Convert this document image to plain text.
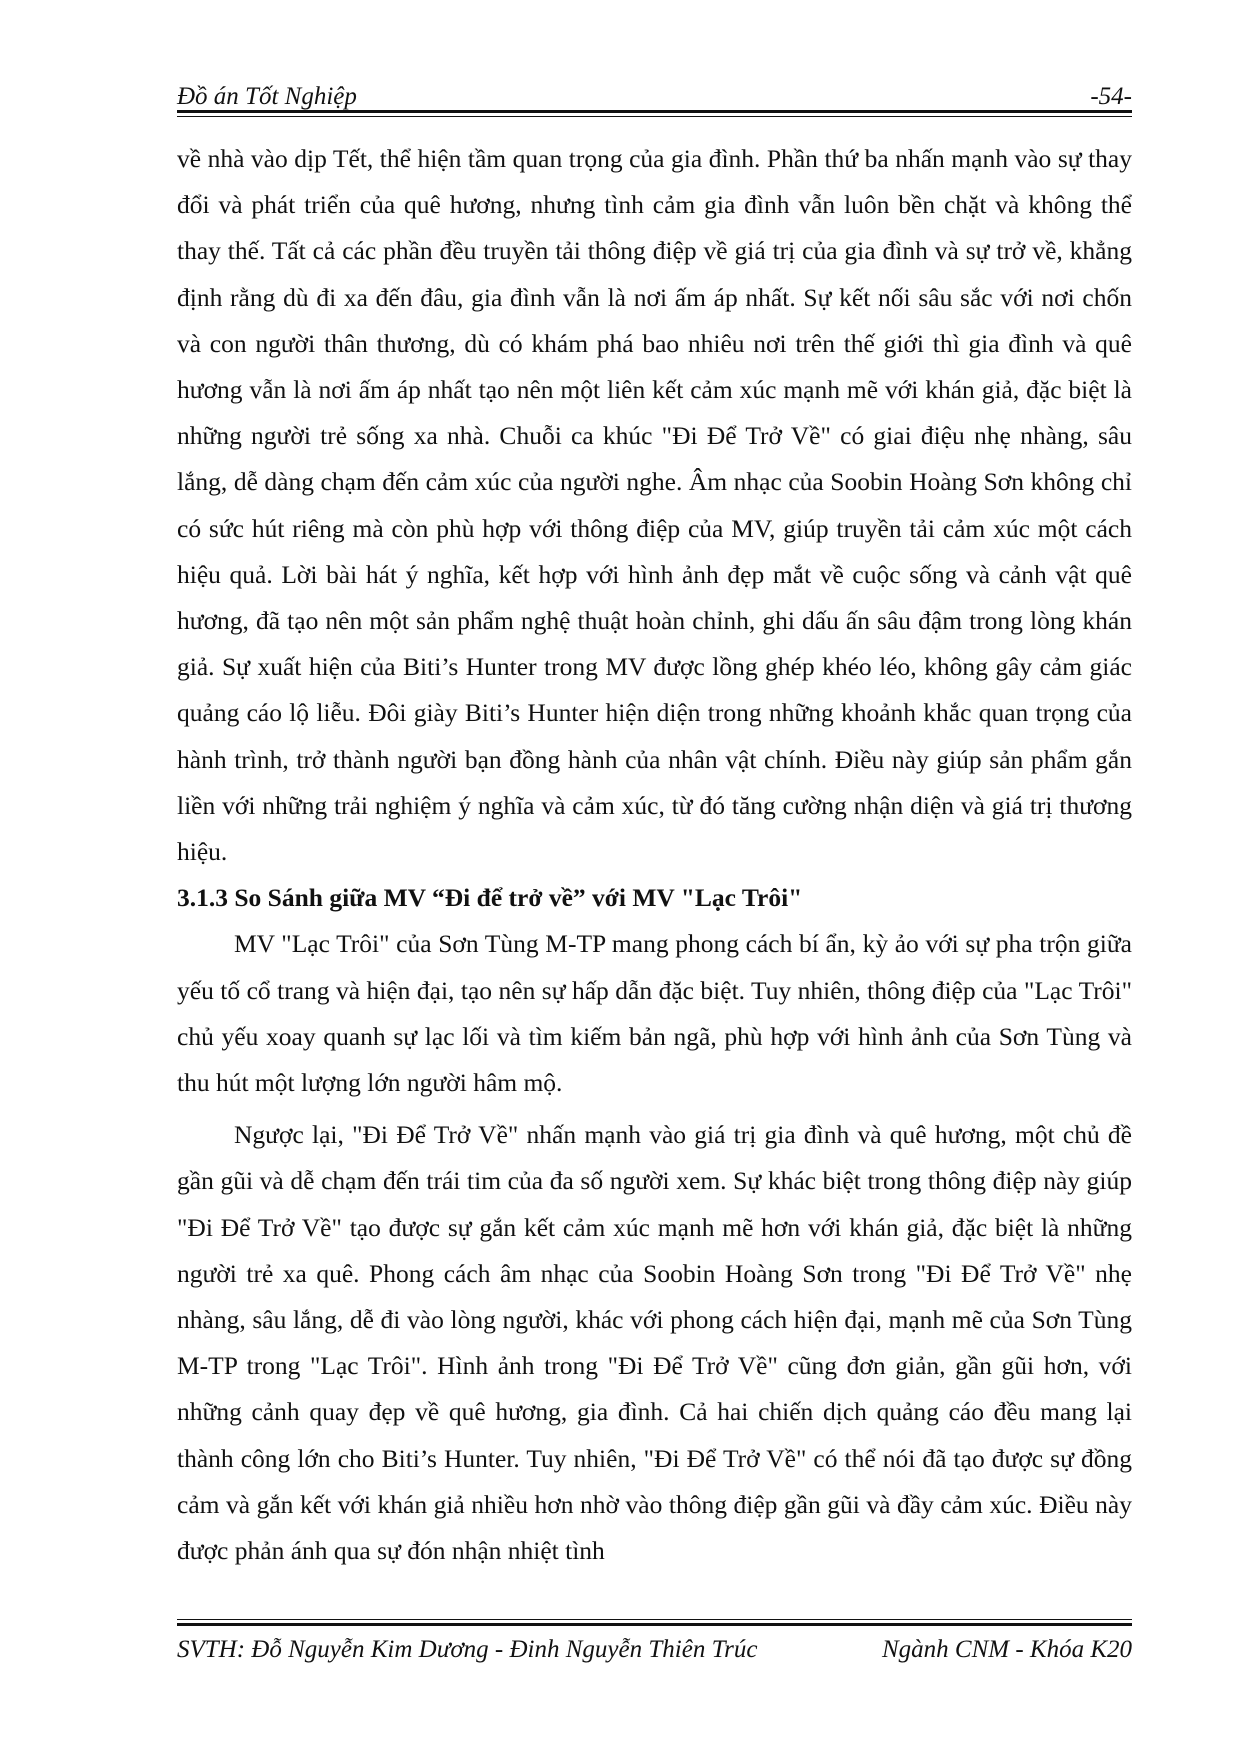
Đồ án Tốt Nghiệp	-54-

về nhà vào dịp Tết, thể hiện tầm quan trọng của gia đình. Phần thứ ba nhấn mạnh vào sự thay đổi và phát triển của quê hương, nhưng tình cảm gia đình vẫn luôn bền chặt và không thể thay thế. Tất cả các phần đều truyền tải thông điệp về giá trị của gia đình và sự trở về, khẳng định rằng dù đi xa đến đâu, gia đình vẫn là nơi ấm áp nhất. Sự kết nối sâu sắc với nơi chốn và con người thân thương, dù có khám phá bao nhiêu nơi trên thế giới thì gia đình và quê hương vẫn là nơi ấm áp nhất tạo nên một liên kết cảm xúc mạnh mẽ với khán giả, đặc biệt là những người trẻ sống xa nhà. Chuỗi ca khúc "Đi Để Trở Về" có giai điệu nhẹ nhàng, sâu lắng, dễ dàng chạm đến cảm xúc của người nghe. Âm nhạc của Soobin Hoàng Sơn không chỉ có sức hút riêng mà còn phù hợp với thông điệp của MV, giúp truyền tải cảm xúc một cách hiệu quả. Lời bài hát ý nghĩa, kết hợp với hình ảnh đẹp mắt về cuộc sống và cảnh vật quê hương, đã tạo nên một sản phẩm nghệ thuật hoàn chỉnh, ghi dấu ấn sâu đậm trong lòng khán giả. Sự xuất hiện của Biti’s Hunter trong MV được lồng ghép khéo léo, không gây cảm giác quảng cáo lộ liễu. Đôi giày Biti’s Hunter hiện diện trong những khoảnh khắc quan trọng của hành trình, trở thành người bạn đồng hành của nhân vật chính. Điều này giúp sản phẩm gắn liền với những trải nghiệm ý nghĩa và cảm xúc, từ đó tăng cường nhận diện và giá trị thương hiệu.

3.1.3 So Sánh giữa MV “Đi để trở về” với MV "Lạc Trôi"

MV "Lạc Trôi" của Sơn Tùng M-TP mang phong cách bí ẩn, kỳ ảo với sự pha trộn giữa yếu tố cổ trang và hiện đại, tạo nên sự hấp dẫn đặc biệt. Tuy nhiên, thông điệp của "Lạc Trôi" chủ yếu xoay quanh sự lạc lối và tìm kiếm bản ngã, phù hợp với hình ảnh của Sơn Tùng và thu hút một lượng lớn người hâm mộ.

Ngược lại, "Đi Để Trở Về" nhấn mạnh vào giá trị gia đình và quê hương, một chủ đề gần gũi và dễ chạm đến trái tim của đa số người xem. Sự khác biệt trong thông điệp này giúp "Đi Để Trở Về" tạo được sự gắn kết cảm xúc mạnh mẽ hơn với khán giả, đặc biệt là những người trẻ xa quê. Phong cách âm nhạc của Soobin Hoàng Sơn trong "Đi Để Trở Về" nhẹ nhàng, sâu lắng, dễ đi vào lòng người, khác với phong cách hiện đại, mạnh mẽ của Sơn Tùng M-TP trong "Lạc Trôi". Hình ảnh trong "Đi Để Trở Về" cũng đơn giản, gần gũi hơn, với những cảnh quay đẹp về quê hương, gia đình. Cả hai chiến dịch quảng cáo đều mang lại thành công lớn cho Biti’s Hunter. Tuy nhiên, "Đi Để Trở Về" có thể nói đã tạo được sự đồng cảm và gắn kết với khán giả nhiều hơn nhờ vào thông điệp gần gũi và đầy cảm xúc. Điều này được phản ánh qua sự đón nhận nhiệt tình

SVTH: Đỗ Nguyễn Kim Dương - Đinh Nguyễn Thiên Trúc	Ngành CNM - Khóa K20
